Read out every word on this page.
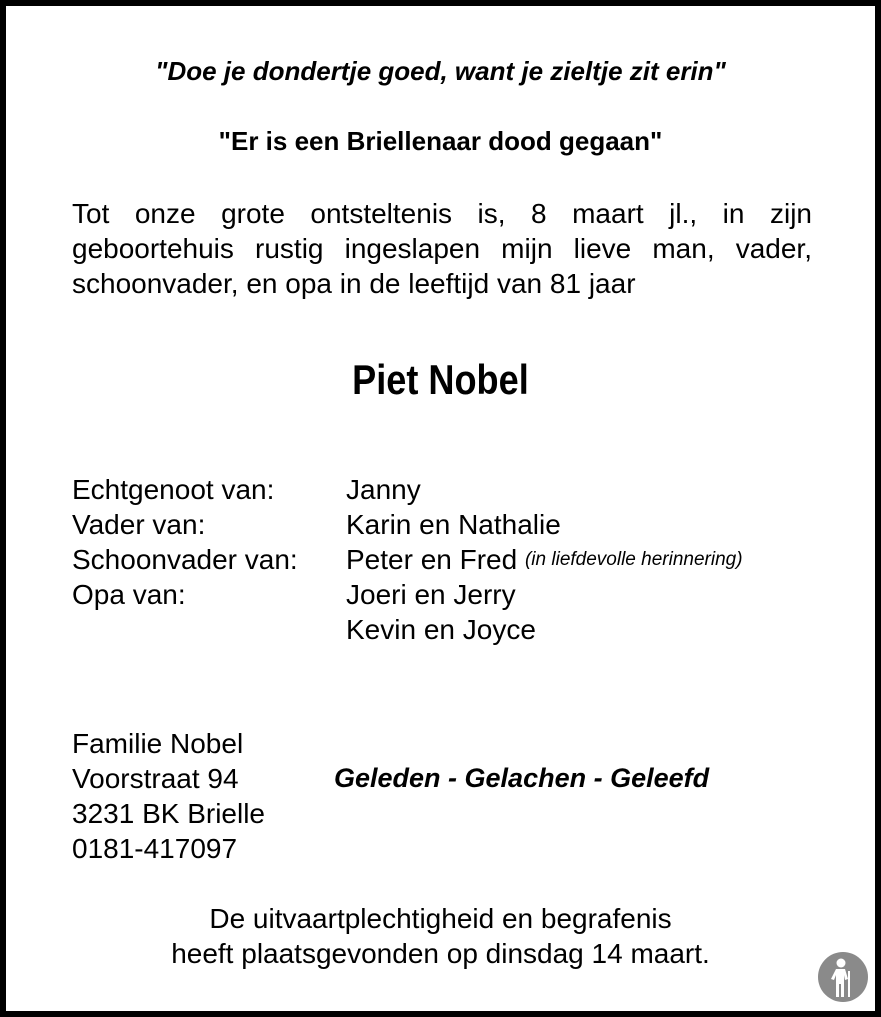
"Doe je dondertje goed, want je zieltje zit erin"
"Er is een Briellenaar dood gegaan"
Tot onze grote ontsteltenis is, 8 maart jl., in zijn geboortehuis rustig ingeslapen mijn lieve man, vader, schoonvader, en opa in de leeftijd van 81 jaar
Piet Nobel
Echtgenoot van:	Janny
Vader van:	Karin en Nathalie
Schoonvader van:	Peter en Fred
(in liefdevolle herinnering)
Opa van:	Joeri en Jerry
Kevin en Joyce
Familie Nobel
Voorstraat 94
3231 BK Brielle
0181-417097
Geleden - Gelachen - Geleefd
De uitvaartplechtigheid en begrafenis
heeft plaatsgevonden op dinsdag 14 maart.
